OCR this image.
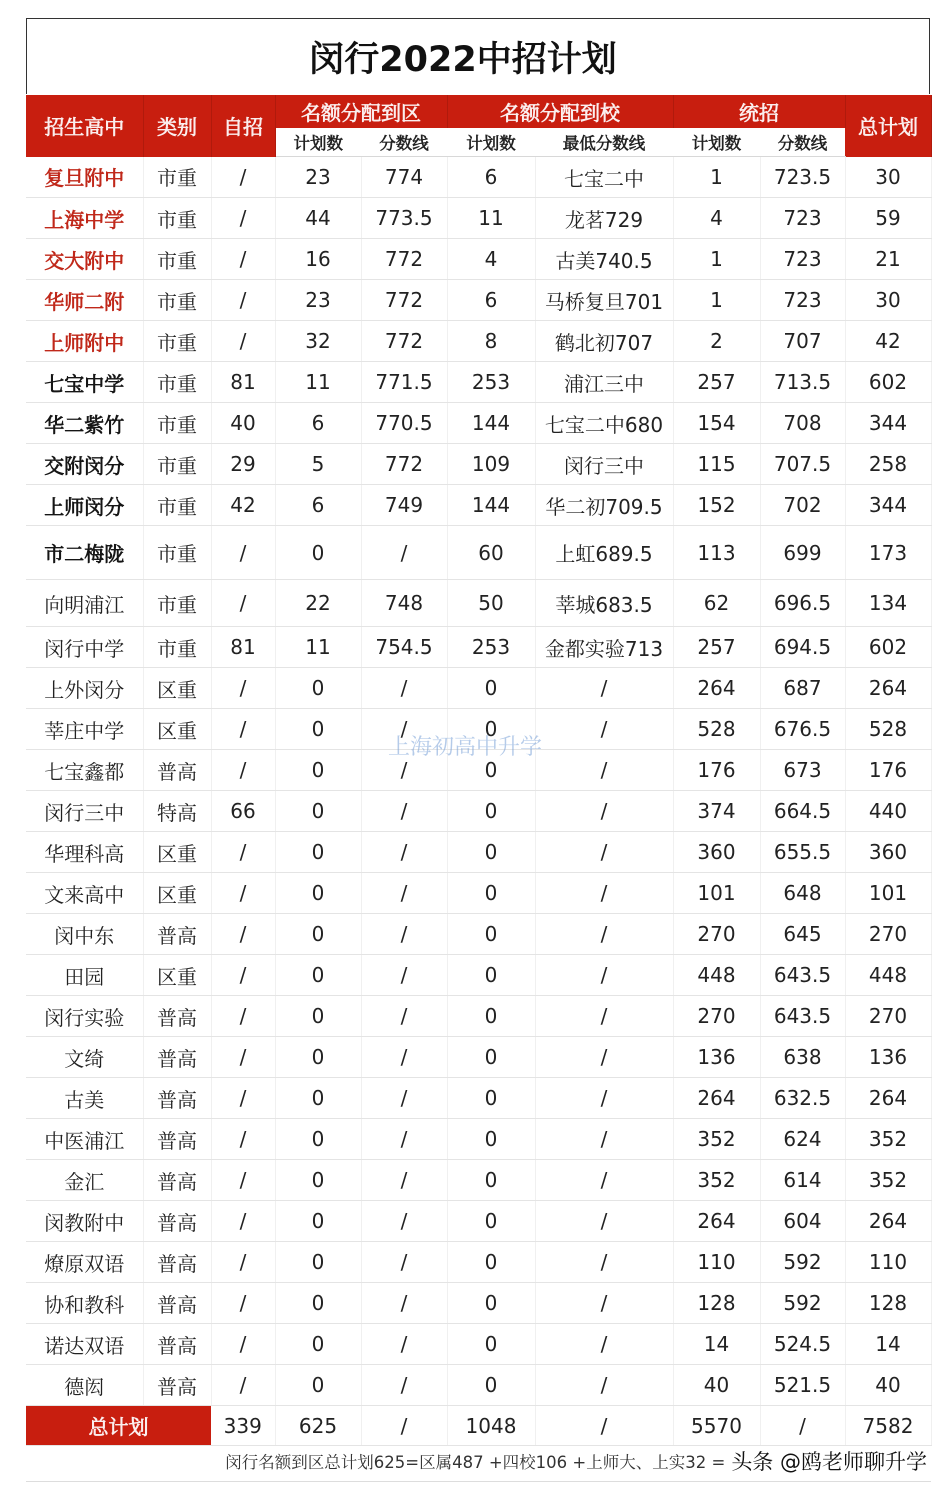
闵行2022中招计划
招生高中	类别	自招	名额分配到区		名额分配到校		统招		总计划
			计划数	分数线	计划数	最低分数线	计划数	分数线	
复旦附中	市重	/	23	774	6	七宝二中	1	723.5	30
上海中学	市重	/	44	773.5	11	龙茗729	4	723	59
交大附中	市重	/	16	772	4	古美740.5	1	723	21
华师二附	市重	/	23	772	6	马桥复旦701	1	723	30
上师附中	市重	/	32	772	8	鹤北初707	2	707	42
七宝中学	市重	81	11	771.5	253	浦江三中	257	713.5	602
华二紫竹	市重	40	6	770.5	144	七宝二中680	154	708	344
交附闵分	市重	29	5	772	109	闵行三中	115	707.5	258
上师闵分	市重	42	6	749	144	华二初709.5	152	702	344
市二梅陇	市重	/	0	/	60	上虹689.5	113	699	173
向明浦江	市重	/	22	748	50	莘城683.5	62	696.5	134
闵行中学	市重	81	11	754.5	253	金都实验713	257	694.5	602
上外闵分	区重	/	0	/	0	/	264	687	264
莘庄中学	区重	/	0	/	0	/	528	676.5	528
七宝鑫都	普高	/	0	/	0	/	176	673	176
闵行三中	特高	66	0	/	0	/	374	664.5	440
华理科高	区重	/	0	/	0	/	360	655.5	360
文来高中	区重	/	0	/	0	/	101	648	101
闵中东	普高	/	0	/	0	/	270	645	270
田园	区重	/	0	/	0	/	448	643.5	448
闵行实验	普高	/	0	/	0	/	270	643.5	270
文绮	普高	/	0	/	0	/	136	638	136
古美	普高	/	0	/	0	/	264	632.5	264
中医浦江	普高	/	0	/	0	/	352	624	352
金汇	普高	/	0	/	0	/	352	614	352
闵教附中	普高	/	0	/	0	/	264	604	264
燎原双语	普高	/	0	/	0	/	110	592	110
协和教科	普高	/	0	/	0	/	128	592	128
诺达双语	普高	/	0	/	0	/	14	524.5	14
德闳	普高	/	0	/	0	/	40	521.5	40
总计划		339	625	/	1048	/	5570	/	7582
上海初高中升学
闵行名额到区总计划625=区属487 +四校106 +上师大、上实32 = 头条 @鸥老师聊升学
